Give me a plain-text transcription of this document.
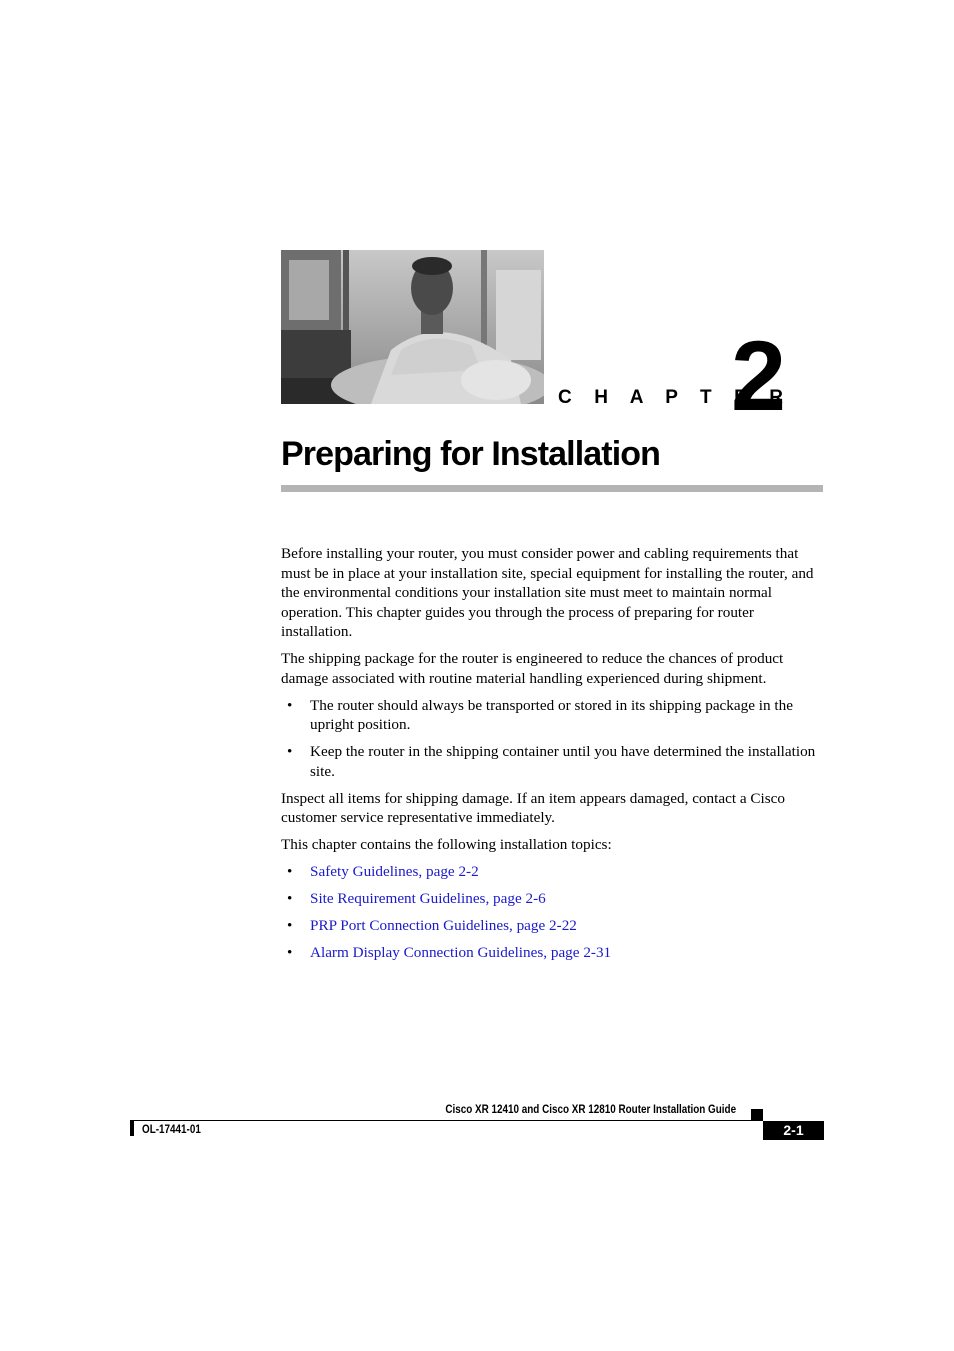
C H A P T E R
2
Preparing for Installation

Before installing your router, you must consider power and cabling requirements that must be in place at your installation site, special equipment for installing the router, and the environmental conditions your installation site must meet to maintain normal operation. This chapter guides you through the process of preparing for router installation.

The shipping package for the router is engineered to reduce the chances of product damage associated with routine material handling experienced during shipment.

• The router should always be transported or stored in its shipping package in the upright position.
• Keep the router in the shipping container until you have determined the installation site.

Inspect all items for shipping damage. If an item appears damaged, contact a Cisco customer service representative immediately.

This chapter contains the following installation topics:

• Safety Guidelines, page 2-2
• Site Requirement Guidelines, page 2-6
• PRP Port Connection Guidelines, page 2-22
• Alarm Display Connection Guidelines, page 2-31
Cisco XR 12410 and Cisco XR 12810 Router Installation Guide
OL-17441-01	2-1
